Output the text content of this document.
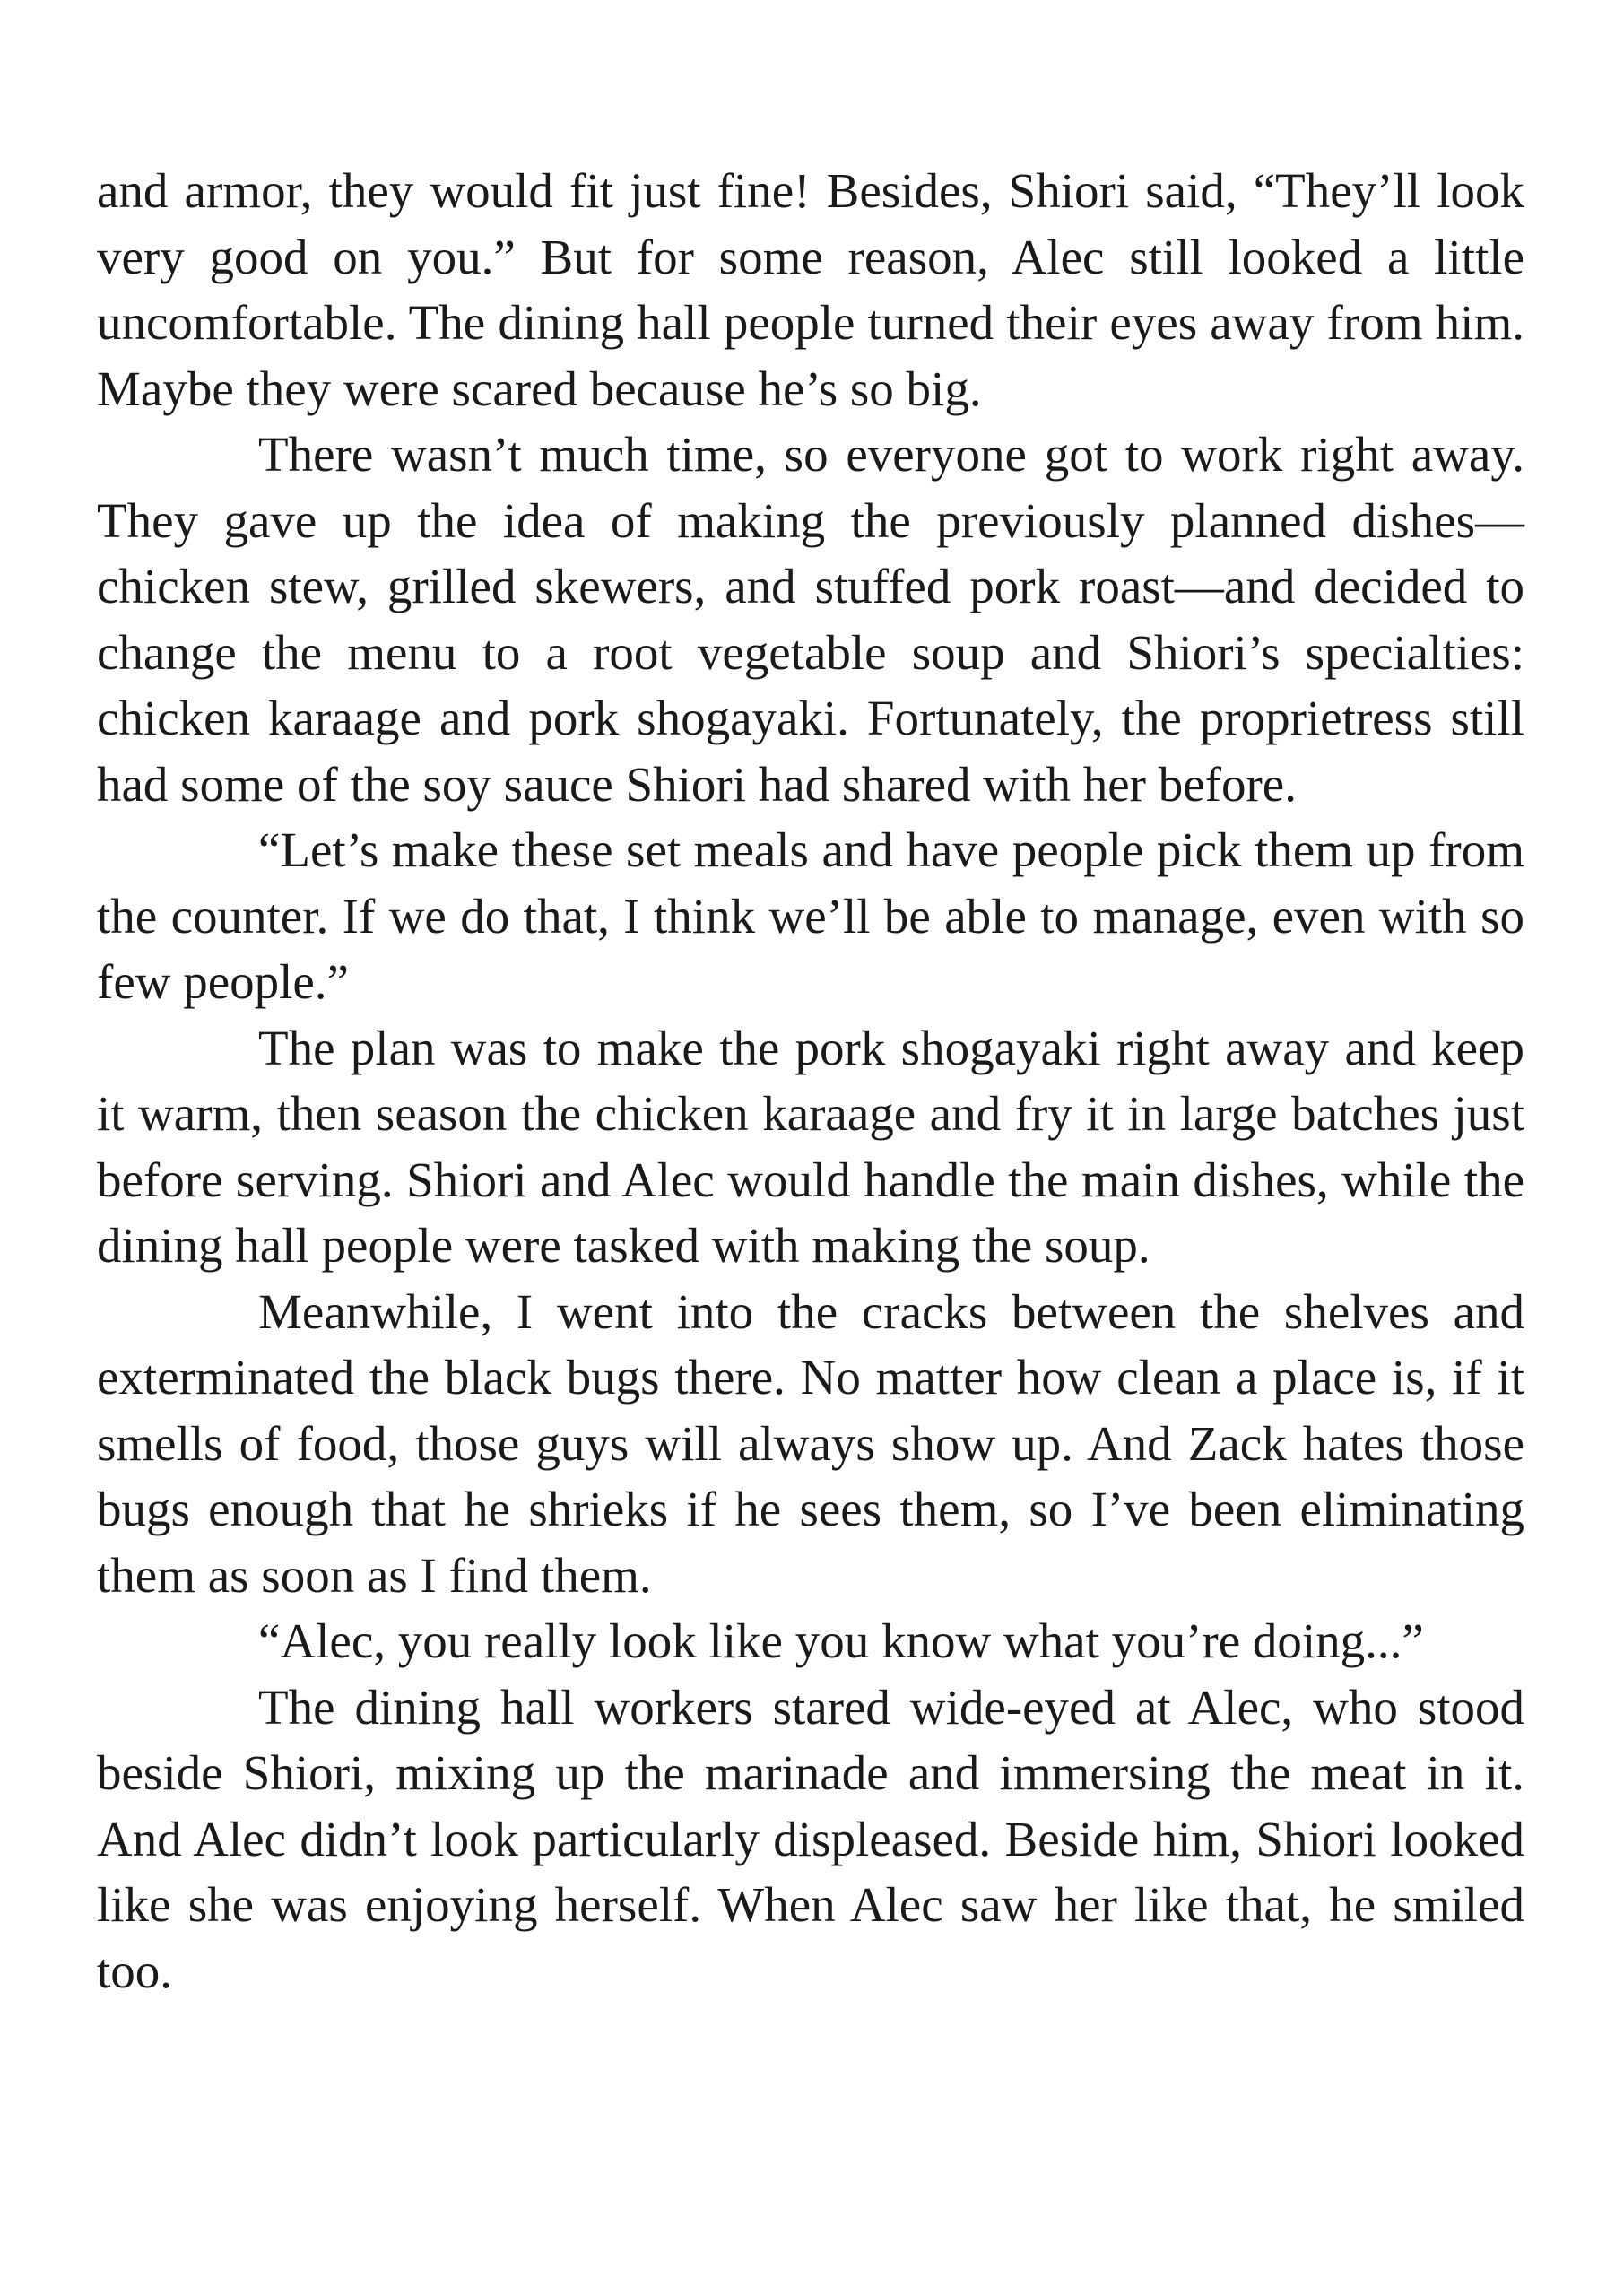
and armor, they would fit just fine! Besides, Shiori said, “They’ll look very good on you.” But for some reason, Alec still looked a little uncomfortable. The dining hall people turned their eyes away from him. Maybe they were scared because he’s so big.

There wasn’t much time, so everyone got to work right away. They gave up the idea of making the previously planned dishes—chicken stew, grilled skewers, and stuffed pork roast—and decided to change the menu to a root vegetable soup and Shiori’s specialties: chicken karaage and pork shogayaki. Fortunately, the proprietress still had some of the soy sauce Shiori had shared with her before.

“Let’s make these set meals and have people pick them up from the counter. If we do that, I think we’ll be able to manage, even with so few people.”

The plan was to make the pork shogayaki right away and keep it warm, then season the chicken karaage and fry it in large batches just before serving. Shiori and Alec would handle the main dishes, while the dining hall people were tasked with making the soup.

Meanwhile, I went into the cracks between the shelves and exterminated the black bugs there. No matter how clean a place is, if it smells of food, those guys will always show up. And Zack hates those bugs enough that he shrieks if he sees them, so I’ve been eliminating them as soon as I find them.

“Alec, you really look like you know what you’re doing...”

The dining hall workers stared wide-eyed at Alec, who stood beside Shiori, mixing up the marinade and immersing the meat in it. And Alec didn’t look particularly displeased. Beside him, Shiori looked like she was enjoying herself. When Alec saw her like that, he smiled too.
